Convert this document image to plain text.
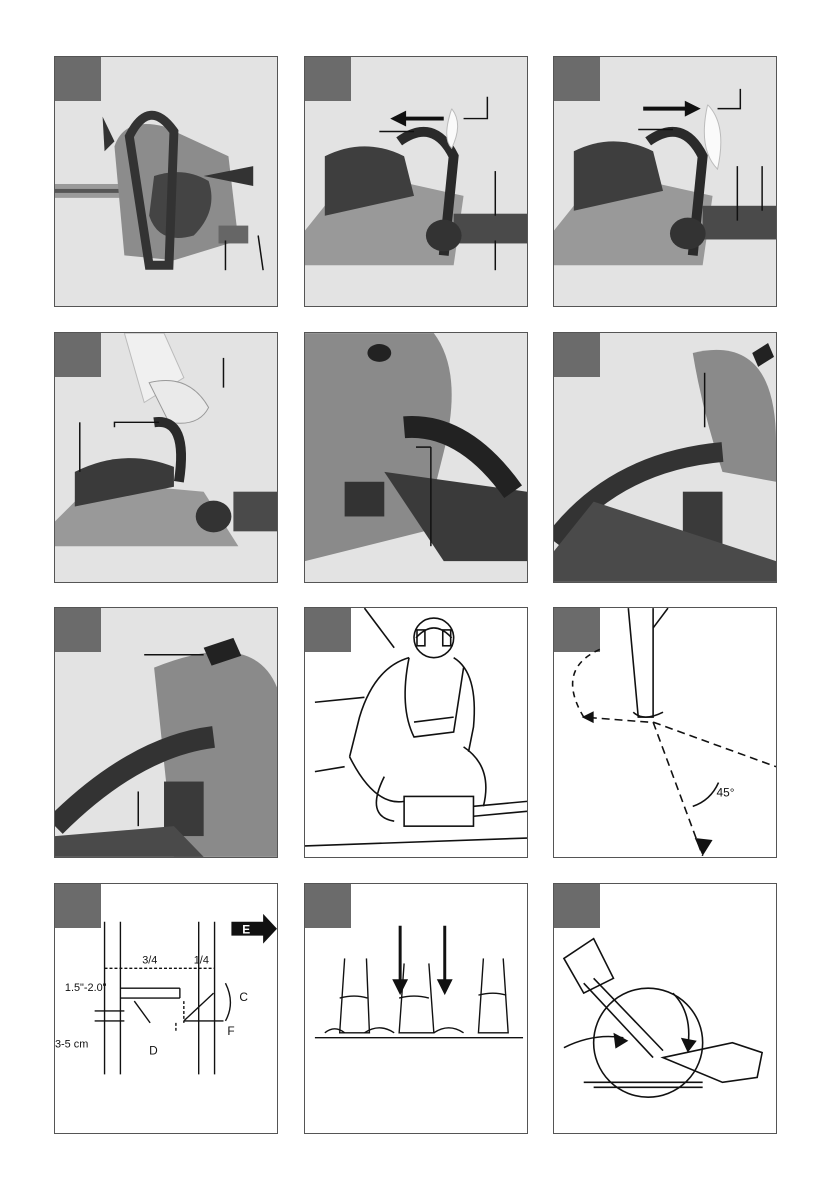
45°
3/4	1/4
1.5"-2.0"
3-5 cm
C
D
F
E
